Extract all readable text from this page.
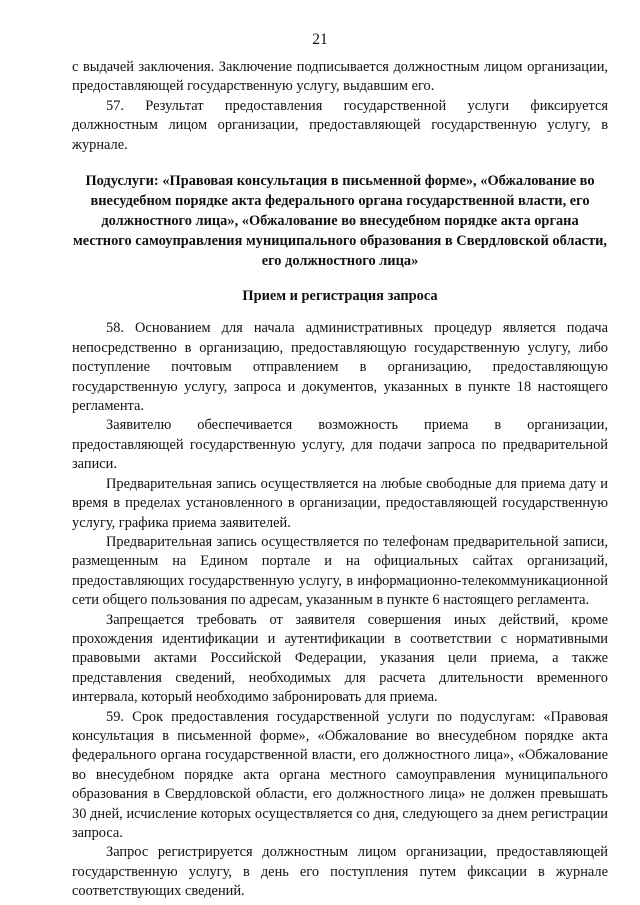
21

с выдачей заключения. Заключение подписывается должностным лицом организации, предоставляющей государственную услугу, выдавшим его.

57. Результат предоставления государственной услуги фиксируется должностным лицом организации, предоставляющей государственную услугу, в журнале.

Подуслуги: «Правовая консультация в письменной форме», «Обжалование во внесудебном порядке акта федерального органа государственной власти, его должностного лица», «Обжалование во внесудебном порядке акта органа местного самоуправления муниципального образования в Свердловской области, его должностного лица»

Прием и регистрация запроса

58. Основанием для начала административных процедур является подача непосредственно в организацию, предоставляющую государственную услугу, либо поступление почтовым отправлением в организацию, предоставляющую государственную услугу, запроса и документов, указанных в пункте 18 настоящего регламента.

Заявителю обеспечивается возможность приема в организации, предоставляющей государственную услугу, для подачи запроса по предварительной записи.

Предварительная запись осуществляется на любые свободные для приема дату и время в пределах установленного в организации, предоставляющей государственную услугу, графика приема заявителей.

Предварительная запись осуществляется по телефонам предварительной записи, размещенным на Едином портале и на официальных сайтах организаций, предоставляющих государственную услугу, в информационно-телекоммуникационной сети общего пользования по адресам, указанным в пункте 6 настоящего регламента.

Запрещается требовать от заявителя совершения иных действий, кроме прохождения идентификации и аутентификации в соответствии с нормативными правовыми актами Российской Федерации, указания цели приема, а также представления сведений, необходимых для расчета длительности временного интервала, который необходимо забронировать для приема.

59. Срок предоставления государственной услуги по подуслугам: «Правовая консультация в письменной форме», «Обжалование во внесудебном порядке акта федерального органа государственной власти, его должностного лица», «Обжалование во внесудебном порядке акта органа местного самоуправления муниципального образования в Свердловской области, его должностного лица» не должен превышать 30 дней, исчисление которых осуществляется со дня, следующего за днем регистрации запроса.

Запрос регистрируется должностным лицом организации, предоставляющей государственную услугу, в день его поступления путем фиксации в журнале соответствующих сведений.
